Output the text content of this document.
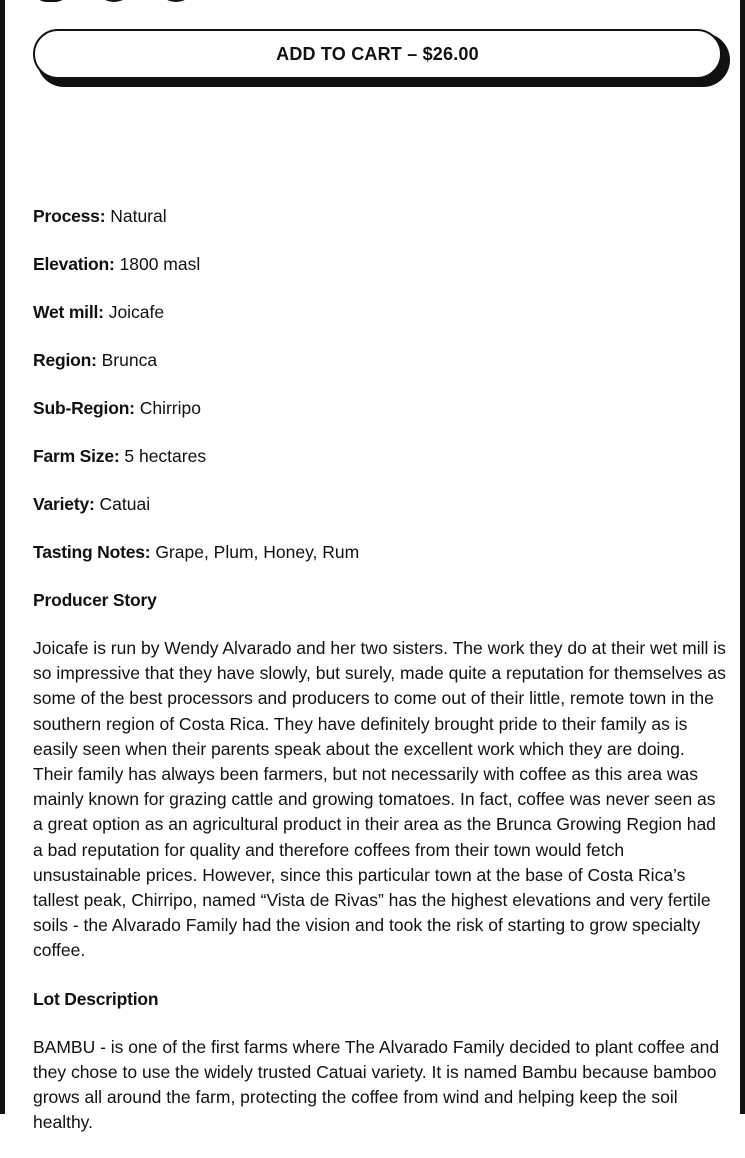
ADD TO CART – $26.00
Process: Natural
Elevation: 1800 masl
Wet mill: Joicafe
Region: Brunca
Sub-Region: Chirripo
Farm Size: 5 hectares
Variety: Catuai
Tasting Notes: Grape, Plum, Honey, Rum
Producer Story

Joicafe is run by Wendy Alvarado and her two sisters. The work they do at their wet mill is so impressive that they have slowly, but surely, made quite a reputation for themselves as some of the best processors and producers to come out of their little, remote town in the southern region of Costa Rica. They have definitely brought pride to their family as is easily seen when their parents speak about the excellent work which they are doing. Their family has always been farmers, but not necessarily with coffee as this area was mainly known for grazing cattle and growing tomatoes. In fact, coffee was never seen as a great option as an agricultural product in their area as the Brunca Growing Region had a bad reputation for quality and therefore coffees from their town would fetch unsustainable prices. However, since this particular town at the base of Costa Rica’s tallest peak, Chirripo, named “Vista de Rivas” has the highest elevations and very fertile soils - the Alvarado Family had the vision and took the risk of starting to grow specialty coffee.

Lot Description

BAMBU - is one of the first farms where The Alvarado Family decided to plant coffee and they chose to use the widely trusted Catuai variety. It is named Bambu because bamboo grows all around the farm, protecting the coffee from wind and helping keep the soil healthy.
